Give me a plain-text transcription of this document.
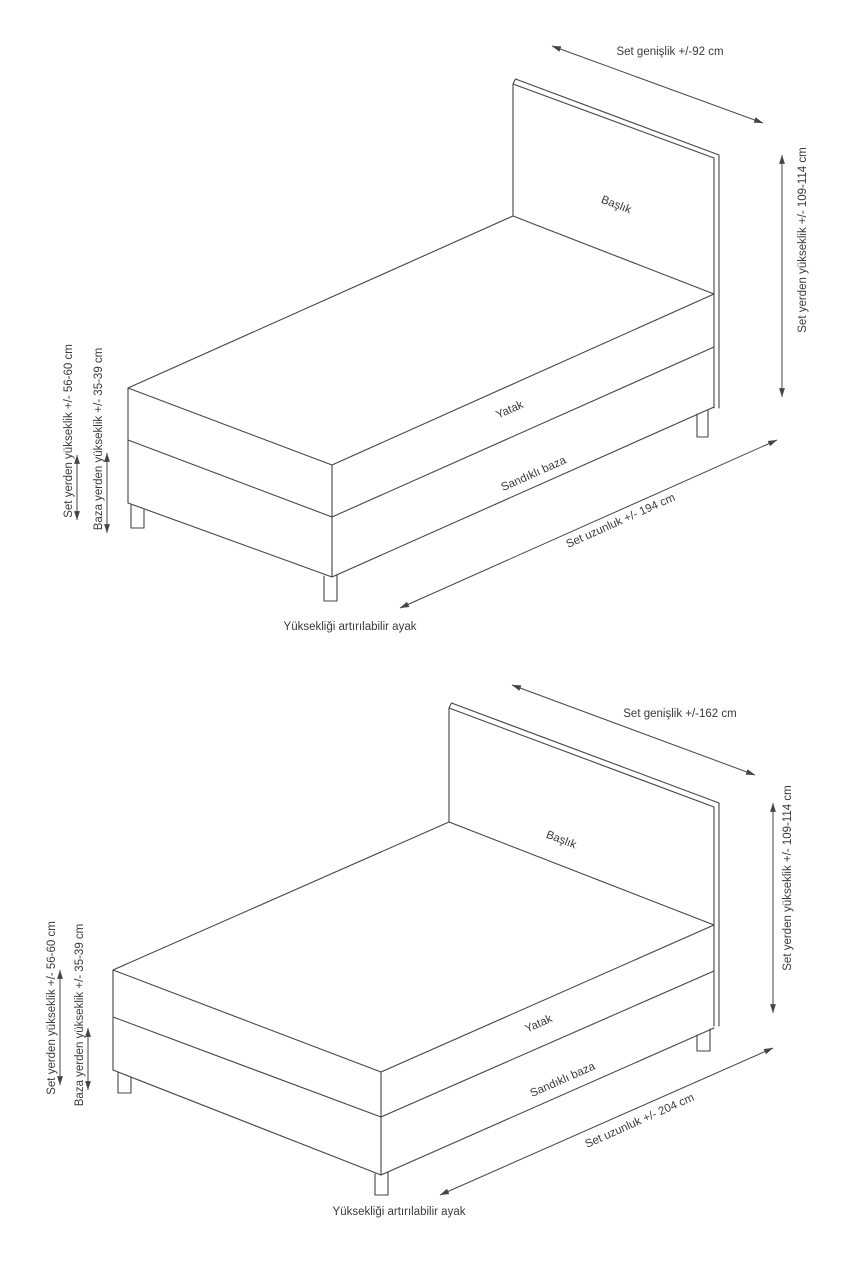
Set genişlik +/-92 cm
Set yerden yükseklik +/- 109-114 cm
Set uzunluk +/- 194 cm
Set yerden yükseklik +/- 56-60 cm Baza yerden yükseklik +/- 35-39 cm
Yüksekliği artırılabilir ayak
Başlık
Yatak
Sandıklı baza
Set genişlik +/-162 cm
Set yerden yükseklik +/- 109-114 cm
Set uzunluk +/- 204 cm
Set yerden yükseklik +/- 56-60 cm Baza yerden yükseklik +/- 35-39 cm
Yüksekliği artırılabilir ayak
Başlık
Yatak
Sandıklı baza
